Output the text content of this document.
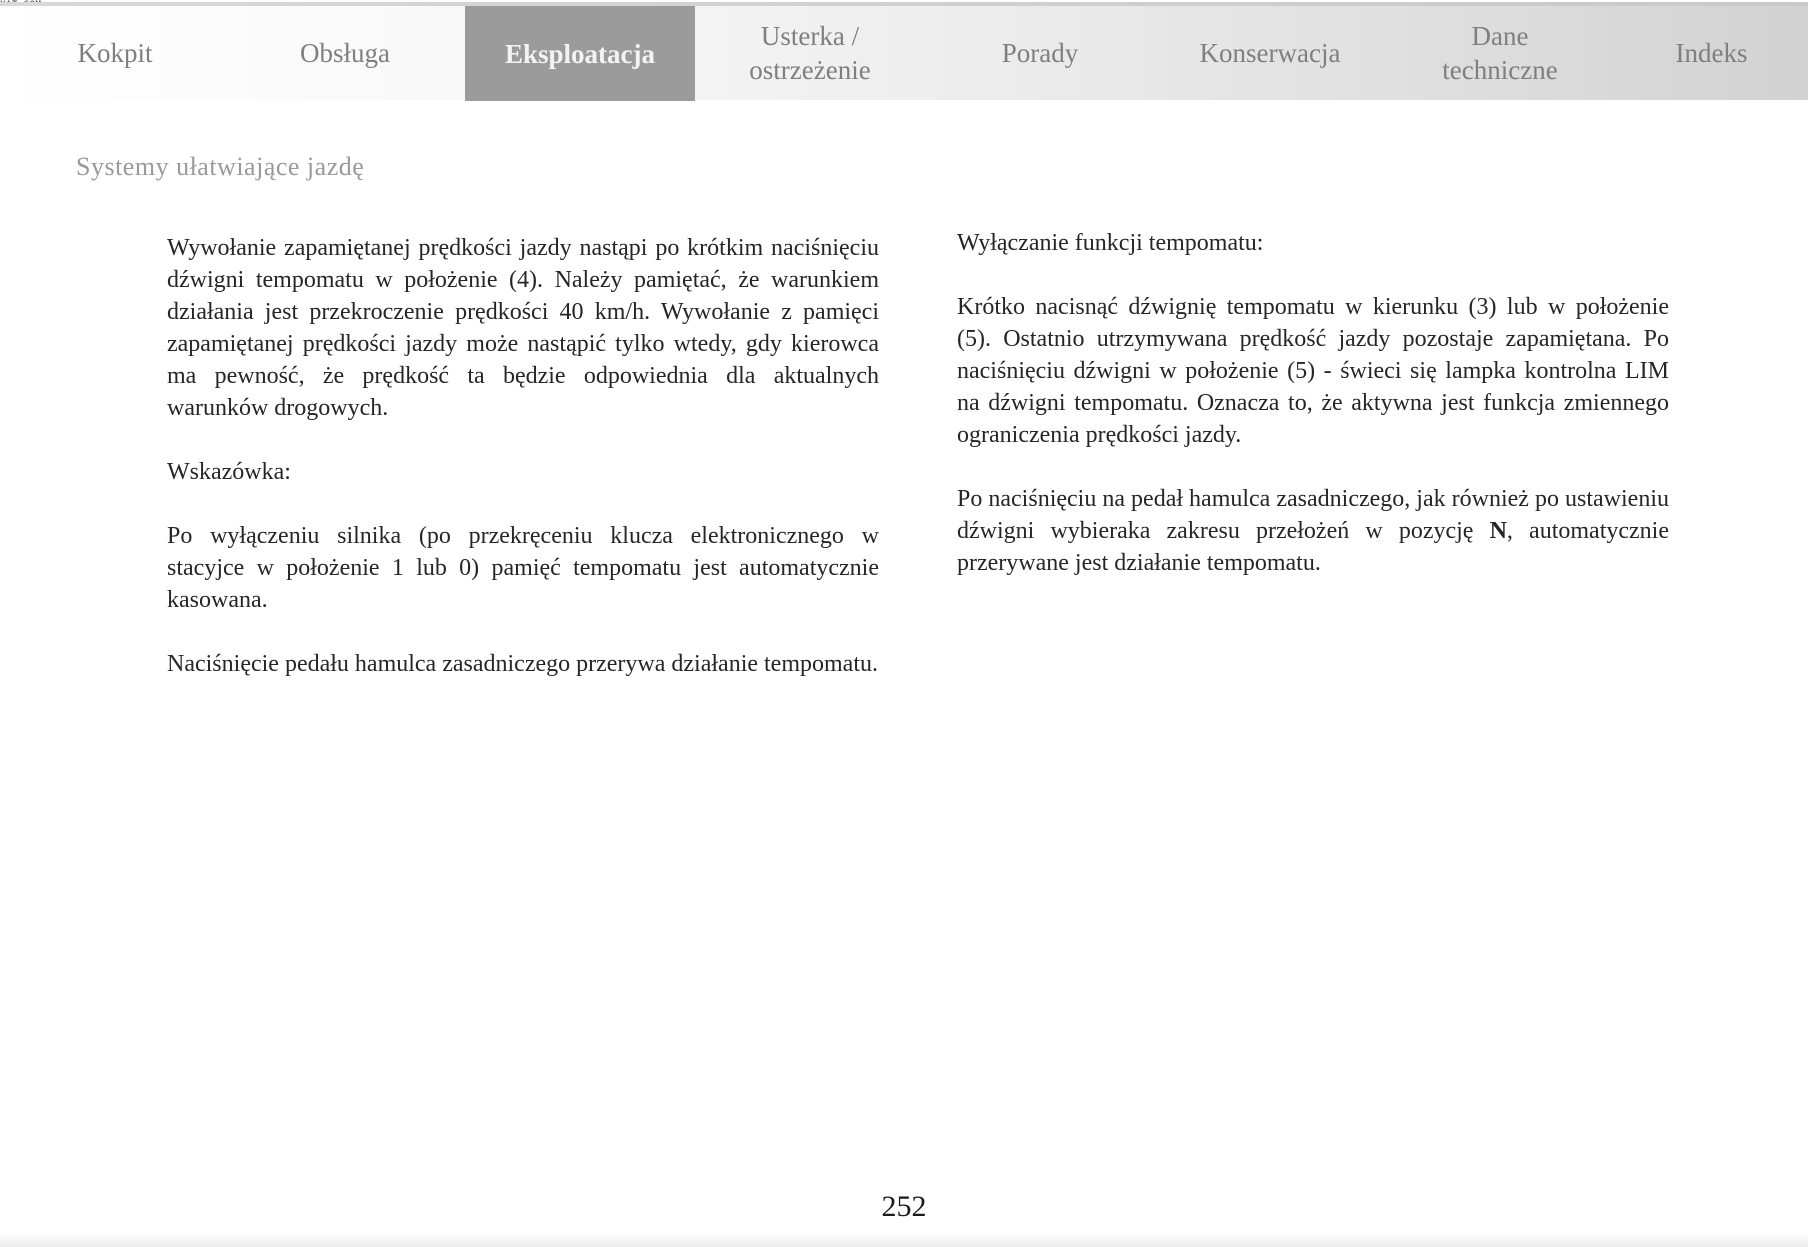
Kokpit	Obsługa	Eksploatacja
Usterka /
ostrzeżenie
Porady	Konserwacja
Dane
techniczne
Indeks
Systemy ułatwiające jazdę

Wywołanie zapamiętanej prędkości jazdy nastąpi po krótkim naciśnięciu dźwigni tempomatu w położenie (4). Należy pamiętać, że warunkiem działania jest przekroczenie prędkości 40 km/h. Wywołanie z pamięci zapamiętanej prędkości jazdy może nastąpić tylko wtedy, gdy kierowca ma pewność, że prędkość ta będzie odpowiednia dla aktualnych warunków drogowych.

Wskazówka:

Po wyłączeniu silnika (po przekręceniu klucza elektronicznego w stacyjce w położenie 1 lub 0) pamięć tempomatu jest automatycznie kasowana.

Naciśnięcie pedału hamulca zasadniczego przerywa działanie tempomatu.

Wyłączanie funkcji tempomatu:

Krótko nacisnąć dźwignię tempomatu w kierunku (3) lub w położenie (5). Ostatnio utrzymywana prędkość jazdy pozostaje zapamiętana. Po naciśnięciu dźwigni w położenie (5) - świeci się lampka kontrolna LIM na dźwigni tempomatu. Oznacza to, że aktywna jest funkcja zmiennego ograniczenia prędkości jazdy.

Po naciśnięciu na pedał hamulca zasadniczego, jak również po ustawieniu dźwigni wybieraka zakresu przełożeń w pozycję N, automatycznie przerywane jest działanie tempomatu.

252
